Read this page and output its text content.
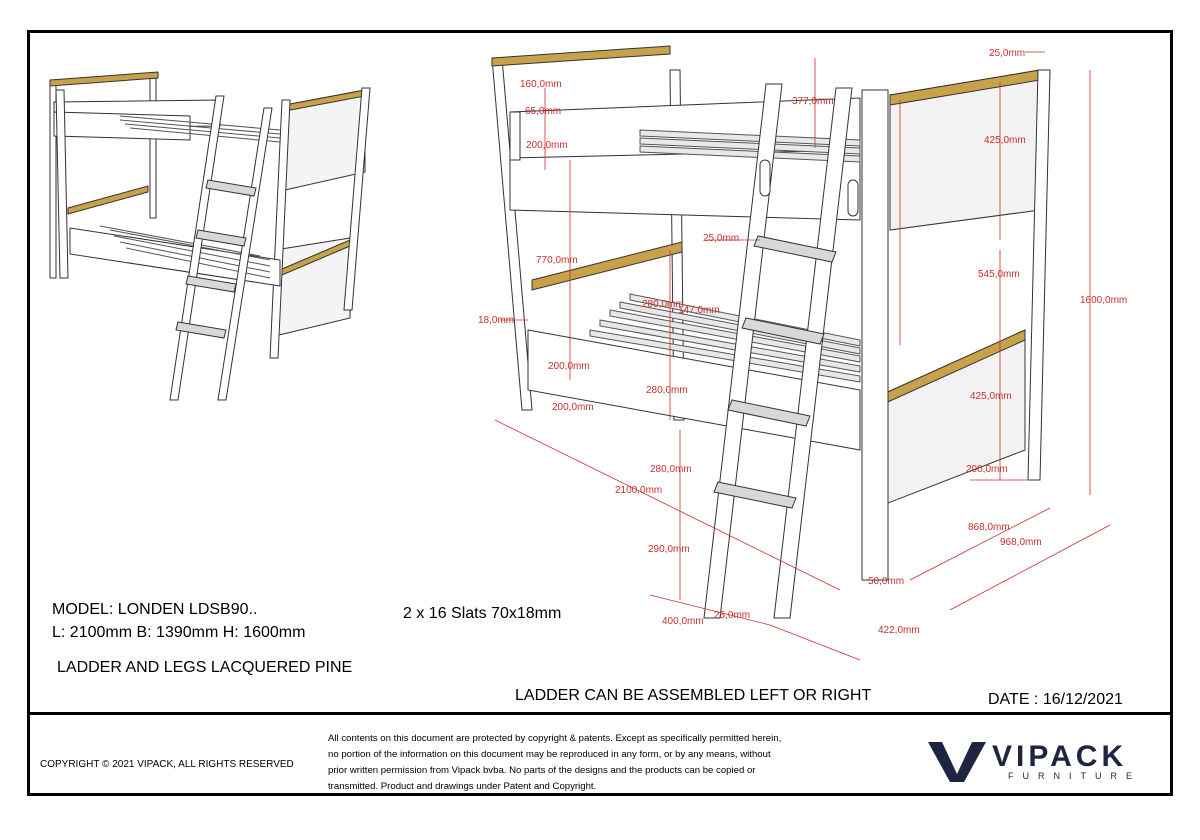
160,0mm
65,0mm
200,0mm
377,0mm
25,0mm
425,0mm
25,0mm
770,0mm
545,0mm
1600,0mm
280,0mm
147,0mm
18,0mm
200,0mm
280,0mm
425,0mm
200,0mm
280,0mm	200,0mm
2100,0mm
868,0mm
968,0mm
290,0mm
50,0mm
400,0mm
25,0mm
422,0mm
MODEL: LONDEN LDSB90..
L: 2100mm B: 1390mm H: 1600mm
LADDER AND LEGS LACQUERED PINE
2 x 16 Slats 70x18mm
LADDER CAN BE ASSEMBLED LEFT OR RIGHT	DATE : 16/12/2021
COPYRIGHT © 2021 VIPACK, ALL RIGHTS RESERVED
All contents on this document are protected by copyright & patents. Except as specifically permitted herein,
no portion of the information on this document may be reproduced in any form, or by any means, without
prior written permission from Vipack bvba. No parts of the designs and the products can be copied or
transmitted. Product and drawings under Patent and Copyright.
VIPACK
FURNITURE
